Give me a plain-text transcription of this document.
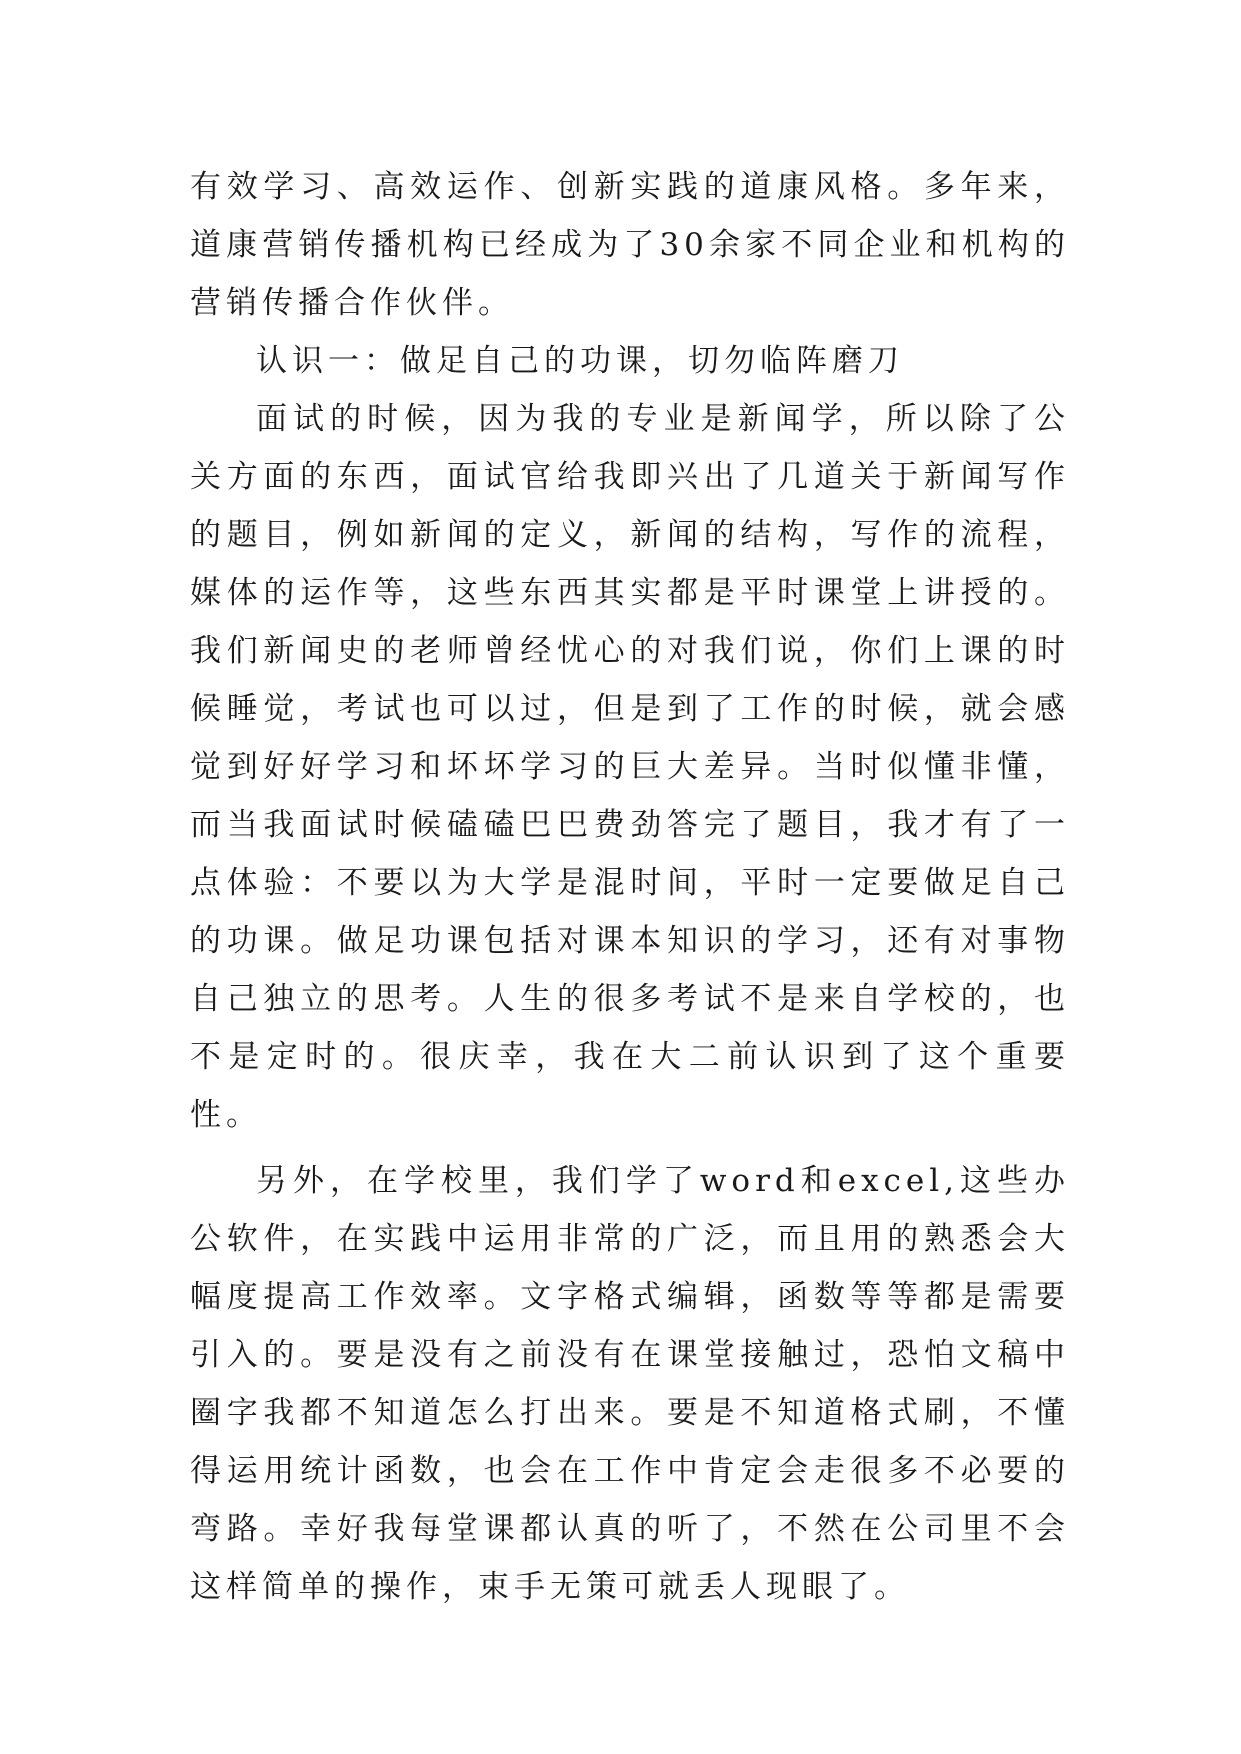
有效学习、高效运作、创新实践的道康风格。多年来，道康营销传播机构已经成为了30余家不同企业和机构的营销传播合作伙伴。

认识一：做足自己的功课，切勿临阵磨刀

面试的时候，因为我的专业是新闻学，所以除了公关方面的东西，面试官给我即兴出了几道关于新闻写作的题目，例如新闻的定义，新闻的结构，写作的流程，媒体的运作等，这些东西其实都是平时课堂上讲授的。我们新闻史的老师曾经忧心的对我们说，你们上课的时候睡觉，考试也可以过，但是到了工作的时候，就会感觉到好好学习和坏坏学习的巨大差异。当时似懂非懂，而当我面试时候磕磕巴巴费劲答完了题目，我才有了一点体验：不要以为大学是混时间，平时一定要做足自己的功课。做足功课包括对课本知识的学习，还有对事物自己独立的思考。人生的很多考试不是来自学校的，也不是定时的。很庆幸，我在大二前认识到了这个重要性。

另外，在学校里，我们学了word和excel,这些办公软件，在实践中运用非常的广泛，而且用的熟悉会大幅度提高工作效率。文字格式编辑，函数等等都是需要引入的。要是没有之前没有在课堂接触过，恐怕文稿中圈字我都不知道怎么打出来。要是不知道格式刷，不懂得运用统计函数，也会在工作中肯定会走很多不必要的弯路。幸好我每堂课都认真的听了，不然在公司里不会这样简单的操作，束手无策可就丢人现眼了。
